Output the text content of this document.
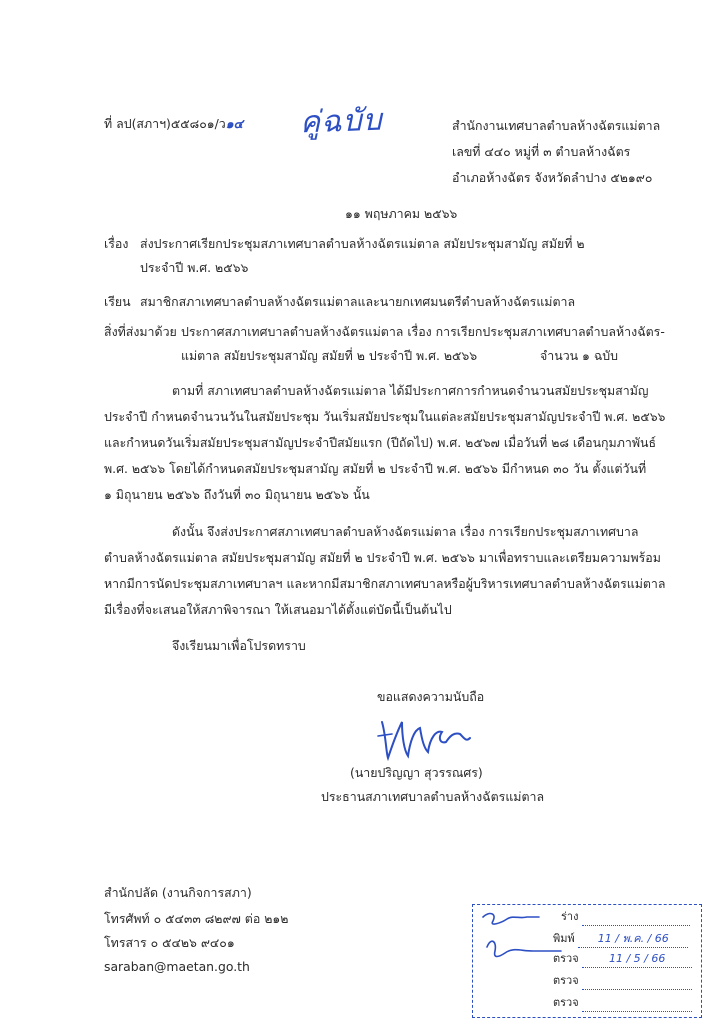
ที่ ลป(สภาฯ)๕๕๘๐๑/ว๑๔ คู่ฉบับ	สำนักงานเทศบาลตำบลห้างฉัตรแม่ตาล
เลขที่ ๔๔๐ หมู่ที่ ๓ ตำบลห้างฉัตร
อำเภอห้างฉัตร จังหวัดลำปาง ๕๒๑๙๐
๑๑ พฤษภาคม ๒๕๖๖
เรื่อง ส่งประกาศเรียกประชุมสภาเทศบาลตำบลห้างฉัตรแม่ตาล สมัยประชุมสามัญ สมัยที่ ๒
ประจำปี พ.ศ. ๒๕๖๖
เรียน สมาชิกสภาเทศบาลตำบลห้างฉัตรแม่ตาลและนายกเทศมนตรีตำบลห้างฉัตรแม่ตาล
สิ่งที่ส่งมาด้วย ประกาศสภาเทศบาลตำบลห้างฉัตรแม่ตาล เรื่อง การเรียกประชุมสภาเทศบาลตำบลห้างฉัตร-
แม่ตาล สมัยประชุมสามัญ สมัยที่ ๒ ประจำปี พ.ศ. ๒๕๖๖	จำนวน ๑ ฉบับ
ตามที่ สภาเทศบาลตำบลห้างฉัตรแม่ตาล ได้มีประกาศการกำหนดจำนวนสมัยประชุมสามัญ
ประจำปี กำหนดจำนวนวันในสมัยประชุม วันเริ่มสมัยประชุมในแต่ละสมัยประชุมสามัญประจำปี พ.ศ. ๒๕๖๖
และกำหนดวันเริ่มสมัยประชุมสามัญประจำปีสมัยแรก (ปีถัดไป) พ.ศ. ๒๕๖๗ เมื่อวันที่ ๒๘ เดือนกุมภาพันธ์
พ.ศ. ๒๕๖๖ โดยได้กำหนดสมัยประชุมสามัญ สมัยที่ ๒ ประจำปี พ.ศ. ๒๕๖๖ มีกำหนด ๓๐ วัน ตั้งแต่วันที่
๑ มิถุนายน ๒๕๖๖ ถึงวันที่ ๓๐ มิถุนายน ๒๕๖๖ นั้น
ดังนั้น จึงส่งประกาศสภาเทศบาลตำบลห้างฉัตรแม่ตาล เรื่อง การเรียกประชุมสภาเทศบาล
ตำบลห้างฉัตรแม่ตาล สมัยประชุมสามัญ สมัยที่ ๒ ประจำปี พ.ศ. ๒๕๖๖ มาเพื่อทราบและเตรียมความพร้อม
หากมีการนัดประชุมสภาเทศบาลฯ และหากมีสมาชิกสภาเทศบาลหรือผู้บริหารเทศบาลตำบลห้างฉัตรแม่ตาล
มีเรื่องที่จะเสนอให้สภาพิจารณา ให้เสนอมาได้ตั้งแต่บัดนี้เป็นต้นไป
จึงเรียนมาเพื่อโปรดทราบ
ขอแสดงความนับถือ
(นายปริญญา สุวรรณศร)
ประธานสภาเทศบาลตำบลห้างฉัตรแม่ตาล
สำนักปลัด (งานกิจการสภา)
โทรศัพท์ ๐ ๕๔๓๓ ๘๒๙๗ ต่อ ๒๑๒
โทรสาร ๐ ๕๔๒๖ ๙๔๐๑
saraban@maetan.go.th
ร่าง
พิมพ์ 11 / พ.ค. / 66
ตรวจ	11 / 5 / 66
ตรวจ
ตรวจ
